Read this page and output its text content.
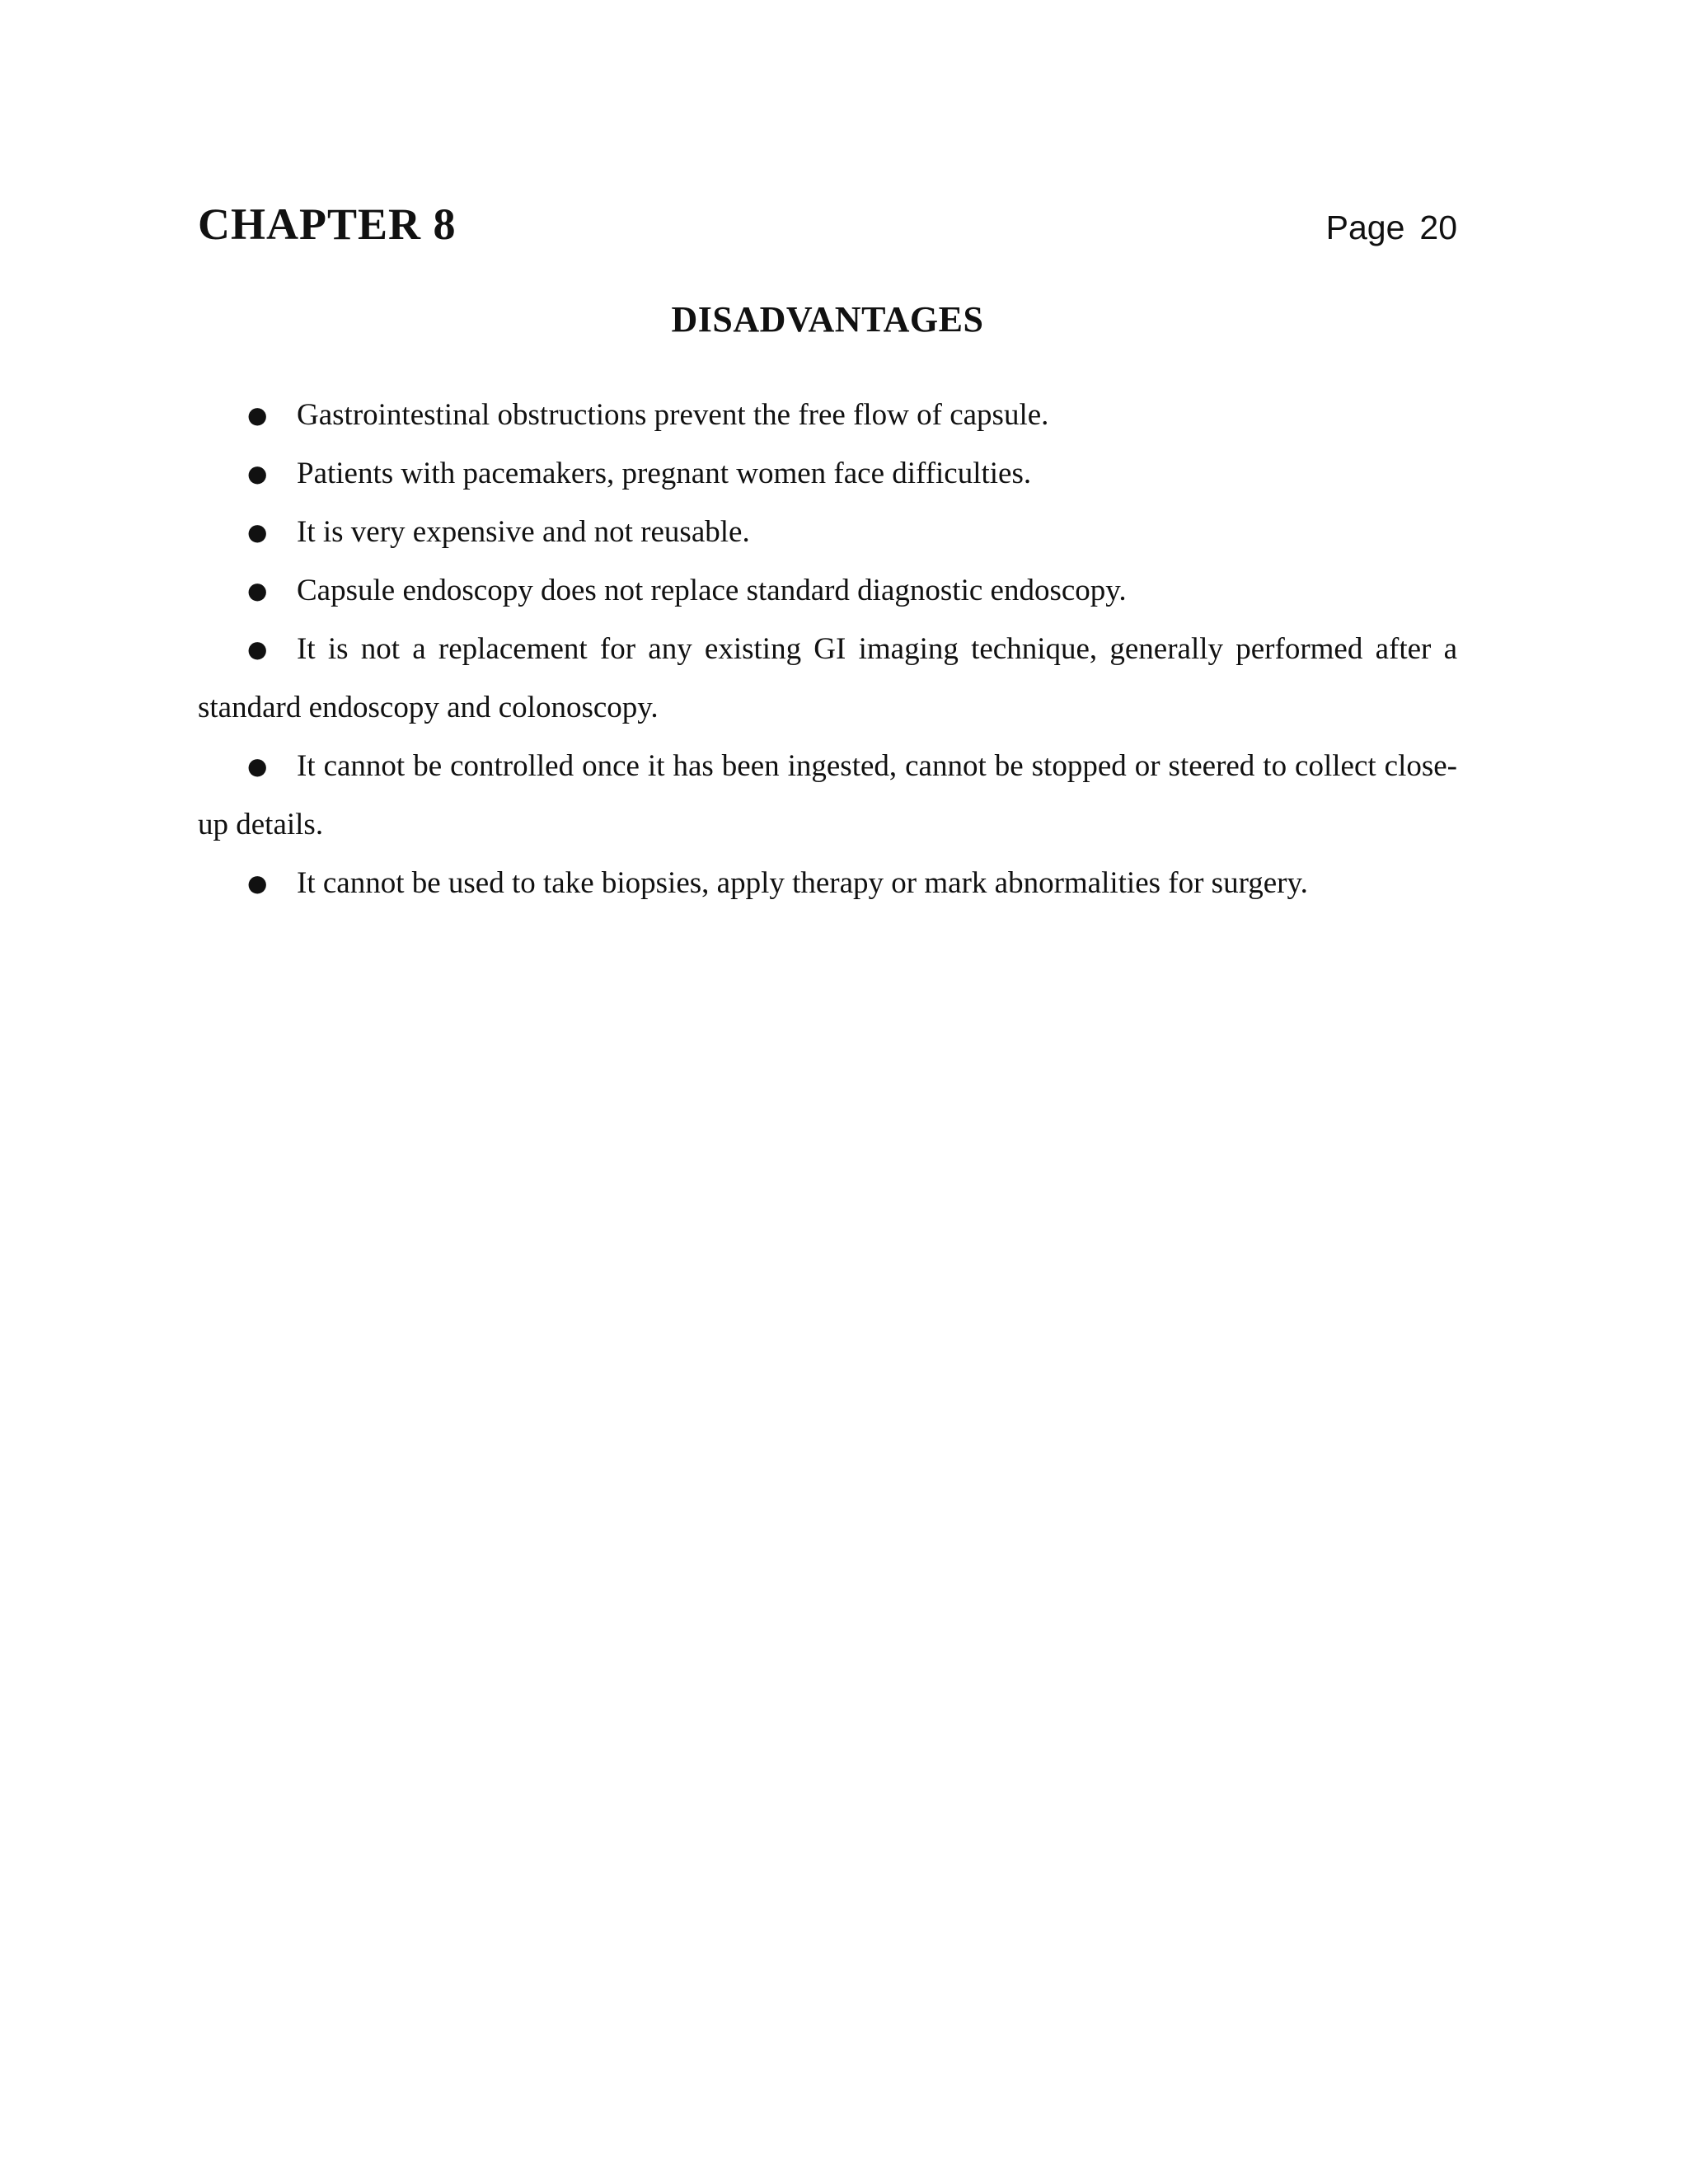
CHAPTER 8	Page 20
DISADVANTAGES
● Gastrointestinal obstructions prevent the free flow of capsule.
● Patients with pacemakers, pregnant women face difficulties.
● It is very expensive and not reusable.
● Capsule endoscopy does not replace standard diagnostic endoscopy.
● It is not a replacement for any existing GI imaging technique, generally performed after a standard endoscopy and colonoscopy.
● It cannot be controlled once it has been ingested, cannot be stopped or steered to collect close-up details.
● It cannot be used to take biopsies, apply therapy or mark abnormalities for surgery.
